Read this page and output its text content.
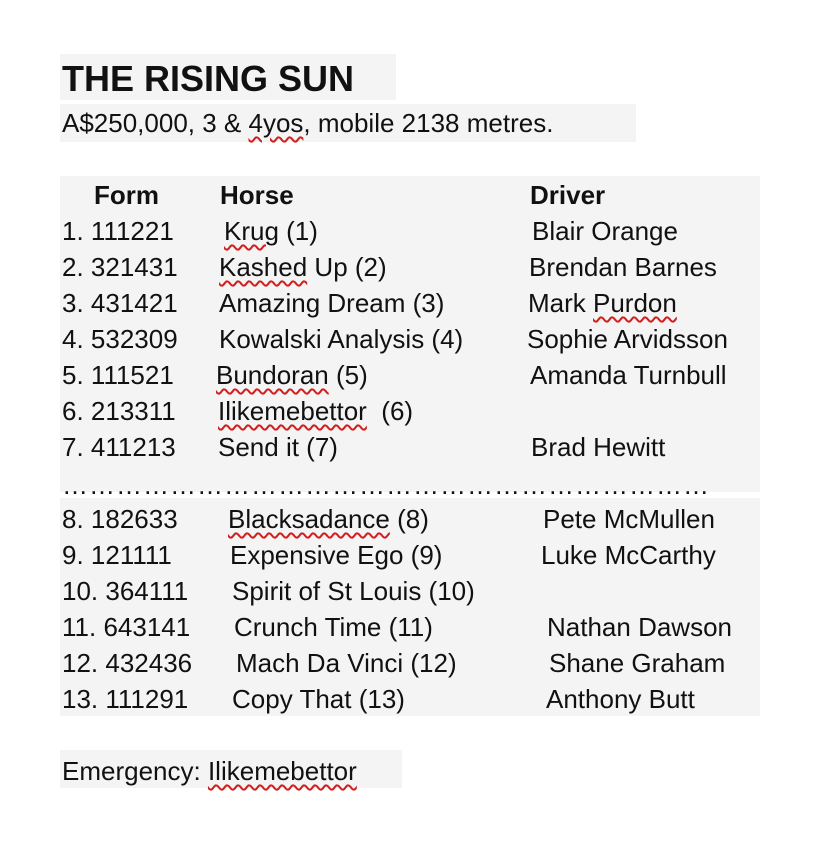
THE RISING SUN
A$250,000, 3 & 4yos, mobile 2138 metres.
Form Horse	Driver
1. 111221 Krug (1)	Blair Orange
2. 321431 Kashed Up (2)	Brendan Barnes
3. 431421 Amazing Dream (3)	Mark Purdon
4. 532309 Kowalski Analysis (4) Sophie Arvidsson
5. 111521 Bundoran (5)	Amanda Turnbull
6. 213311 Ilikemebettor  (6)
7. 411213 Send it (7)	Brad Hewitt
………………………………………………………………
8. 182633 Blacksadance (8)	Pete McMullen
9. 121111 Expensive Ego (9)	Luke McCarthy
10. 364111 Spirit of St Louis (10)
11. 643141 Crunch Time (11)	Nathan Dawson
12. 432436 Mach Da Vinci (12)	Shane Graham
13. 111291 Copy That (13)	Anthony Butt
Emergency: Ilikemebettor
